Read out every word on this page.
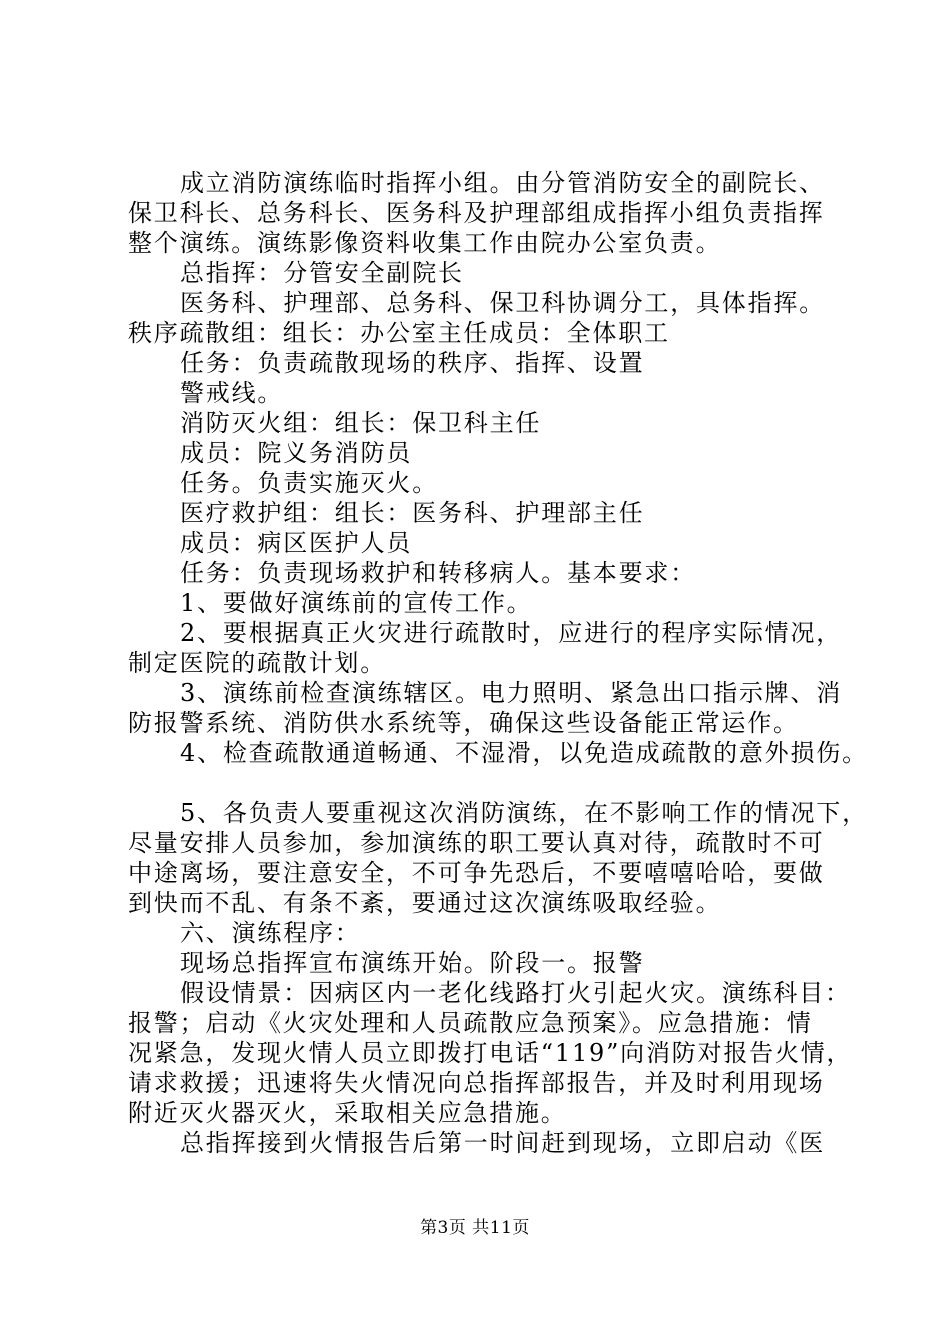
成立消防演练临时指挥小组。由分管消防安全的副院长、
保卫科长、总务科长、医务科及护理部组成指挥小组负责指挥
整个演练。演练影像资料收集工作由院办公室负责。
总指挥：分管安全副院长
医务科、护理部、总务科、保卫科协调分工，具体指挥。
秩序疏散组：组长：办公室主任成员：全体职工
任务：负责疏散现场的秩序、指挥、设置
警戒线。
消防灭火组：组长：保卫科主任
成员：院义务消防员
任务。负责实施灭火。
医疗救护组：组长：医务科、护理部主任
成员：病区医护人员
任务：负责现场救护和转移病人。基本要求：
1、要做好演练前的宣传工作。
2、要根据真正火灾进行疏散时，应进行的程序实际情况，
制定医院的疏散计划。
3、演练前检查演练辖区。电力照明、紧急出口指示牌、消
防报警系统、消防供水系统等，确保这些设备能正常运作。
4、检查疏散通道畅通、不湿滑，以免造成疏散的意外损伤。
5、各负责人要重视这次消防演练，在不影响工作的情况下，
尽量安排人员参加，参加演练的职工要认真对待，疏散时不可
中途离场，要注意安全，不可争先恐后，不要嘻嘻哈哈，要做
到快而不乱、有条不紊，要通过这次演练吸取经验。
六、演练程序：
现场总指挥宣布演练开始。阶段一。报警
假设情景：因病区内一老化线路打火引起火灾。演练科目：
报警；启动《火灾处理和人员疏散应急预案》。应急措施：情
况紧急，发现火情人员立即拨打电话“119”向消防对报告火情，
请求救援；迅速将失火情况向总指挥部报告，并及时利用现场
附近灭火器灭火，采取相关应急措施。
总指挥接到火情报告后第一时间赶到现场，立即启动《医
第3页 共11页
